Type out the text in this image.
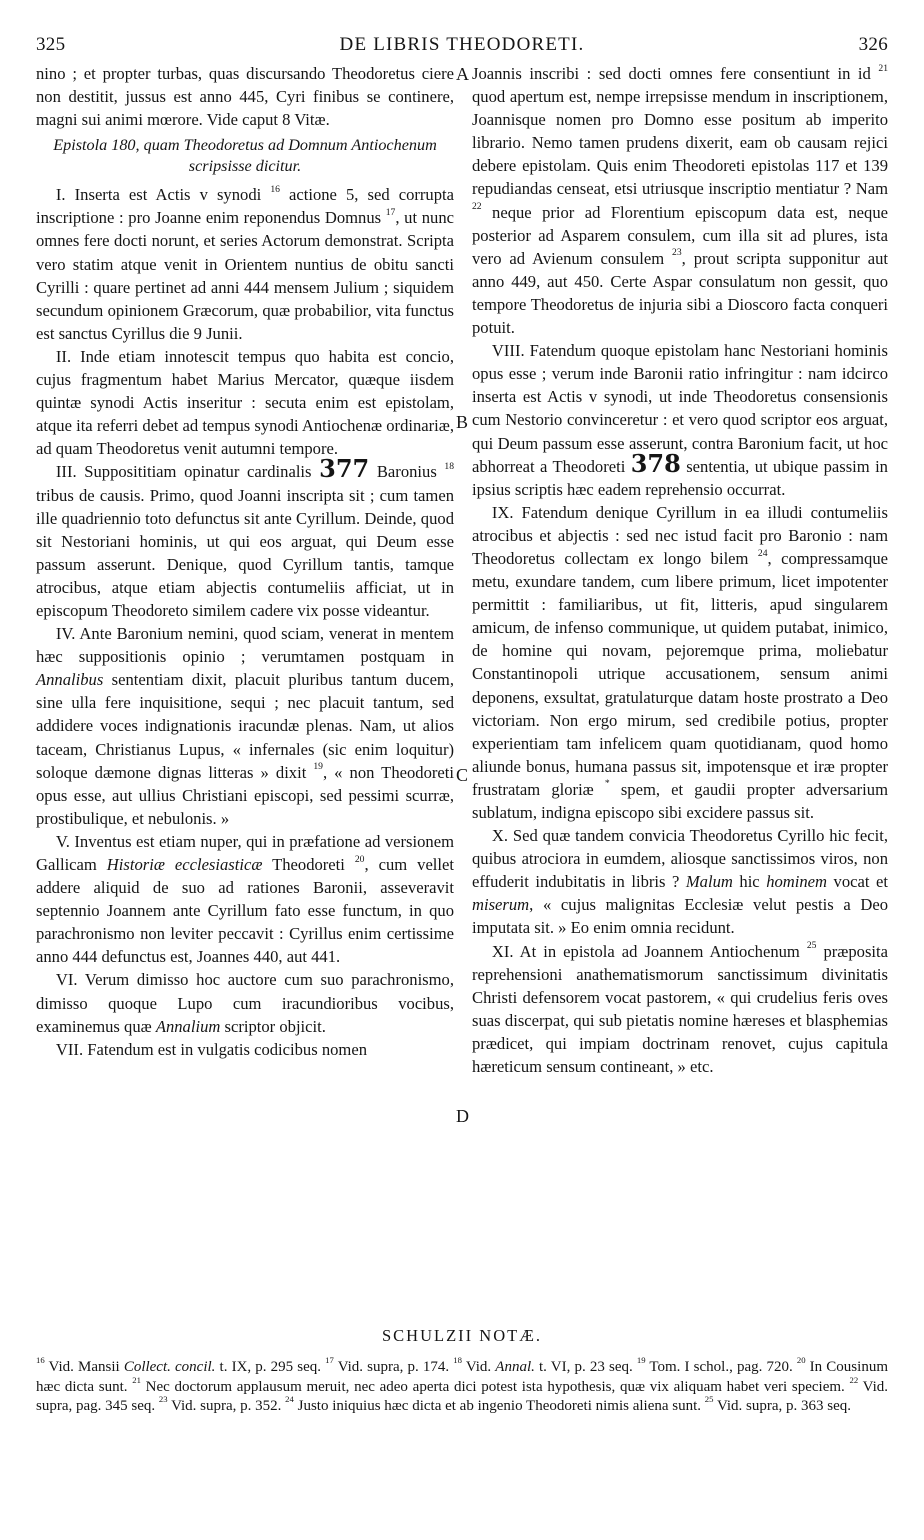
325	DE LIBRIS THEODORETI.	326
A
B
C
D

nino ; et propter turbas, quas discursando Theodoretus ciere non destitit, jussus est anno 445, Cyri finibus se continere, magni sui animi mœrore. Vide caput 8 Vitæ.

Epistola 180, quam Theodoretus ad Domnum Antiochenum scripsisse dicitur.

I. Inserta est Actis v synodi $^{16}$ actione 5, sed corrupta inscriptione : pro Joanne enim reponendus Domnus $^{17}$, ut nunc omnes fere docti norunt, et series Actorum demonstrat. Scripta vero statim atque venit in Orientem nuntius de obitu sancti Cyrilli : quare pertinet ad anni 444 mensem Julium ; siquidem secundum opinionem Græcorum, quæ probabilior, vita functus est sanctus Cyrillus die 9 Junii.

II. Inde etiam innotescit tempus quo habita est concio, cujus fragmentum habet Marius Mercator, quæque iisdem quintæ synodi Actis inseritur : secuta enim est epistolam, atque ita referri debet ad tempus synodi Antiochenæ ordinariæ, ad quam Theodoretus venit autumni tempore.

III. Supposititiam opinatur cardinalis 377 Baronius $^{18}$ tribus de causis. Primo, quod Joanni inscripta sit ; cum tamen ille quadriennio toto defunctus sit ante Cyrillum. Deinde, quod sit Nestoriani hominis, ut qui eos arguat, qui Deum esse passum asserunt. Denique, quod Cyrillum tantis, tamque atrocibus, atque etiam abjectis contumeliis afficiat, ut in episcopum Theodoreto similem cadere vix posse videantur.

IV. Ante Baronium nemini, quod sciam, venerat in mentem hæc suppositionis opinio ; verumtamen postquam in Annalibus sententiam dixit, placuit pluribus tantum ducem, sine ulla fere inquisitione, sequi ; nec placuit tantum, sed addidere voces indignationis iracundæ plenas. Nam, ut alios taceam, Christianus Lupus, « infernales (sic enim loquitur) soloque dæmone dignas litteras » dixit $^{19}$, « non Theodoreti opus esse, aut ullius Christiani episcopi, sed pessimi scurræ, prostibulique, et nebulonis. »

V. Inventus est etiam nuper, qui in præfatione ad versionem Gallicam Historiæ ecclesiasticæ Theodoreti $^{20}$, cum vellet addere aliquid de suo ad rationes Baronii, asseveravit septennio Joannem ante Cyrillum fato esse functum, in quo parachronismo non leviter peccavit : Cyrillus enim certissime anno 444 defunctus est, Joannes 440, aut 441.

VI. Verum dimisso hoc auctore cum suo parachronismo, dimisso quoque Lupo cum iracundioribus vocibus, examinemus quæ Annalium scriptor objicit.

VII. Fatendum est in vulgatis codicibus nomen

Joannis inscribi : sed docti omnes fere consentiunt in id $^{21}$ quod apertum est, nempe irrepsisse mendum in inscriptionem, Joannisque nomen pro Domno esse positum ab imperito librario. Nemo tamen prudens dixerit, eam ob causam rejici debere epistolam. Quis enim Theodoreti epistolas 117 et 139 repudiandas censeat, etsi utriusque inscriptio mentiatur ? Nam $^{22}$ neque prior ad Florentium episcopum data est, neque posterior ad Asparem consulem, cum illa sit ad plures, ista vero ad Avienum consulem $^{23}$, prout scripta supponitur aut anno 449, aut 450. Certe Aspar consulatum non gessit, quo tempore Theodoretus de injuria sibi a Dioscoro facta conqueri potuit.

VIII. Fatendum quoque epistolam hanc Nestoriani hominis opus esse ; verum inde Baronii ratio infringitur : nam idcirco inserta est Actis v synodi, ut inde Theodoretus consensionis cum Nestorio convinceretur : et vero quod scriptor eos arguat, qui Deum passum esse asserunt, contra Baronium facit, ut hoc abhorreat a Theodoreti 378 sententia, ut ubique passim in ipsius scriptis hæc eadem reprehensio occurrat.

IX. Fatendum denique Cyrillum in ea illudi contumeliis atrocibus et abjectis : sed nec istud facit pro Baronio : nam Theodoretus collectam ex longo bilem $^{24}$, compressamque metu, exundare tandem, cum libere primum, licet impotenter permittit : familiaribus, ut fit, litteris, apud singularem amicum, de infenso communique, ut quidem putabat, inimico, de homine qui novam, pejoremque prima, moliebatur Constantinopoli utrique accusationem, sensum animi deponens, exsultat, gratulaturque datam hoste prostrato a Deo victoriam. Non ergo mirum, sed credibile potius, propter experientiam tam infelicem quam quotidianam, quod homo aliunde bonus, humana passus sit, impotensque et iræ propter frustratam gloriæ * spem, et gaudii propter adversarium sublatum, indigna episcopo sibi excidere passus sit.

X. Sed quæ tandem convicia Theodoretus Cyrillo hic fecit, quibus atrociora in eumdem, aliosque sanctissimos viros, non effuderit indubitatis in libris ? Malum hic hominem vocat et miserum, « cujus malignitas Ecclesiæ velut pestis a Deo imputata sit. » Eo enim omnia recidunt.

XI. At in epistola ad Joannem Antiochenum $^{25}$ præposita reprehensioni anathematismorum sanctissimum divinitatis Christi defensorem vocat pastorem, « qui crudelius feris oves suas discerpat, qui sub pietatis nomine hæreses et blasphemias prædicet, qui impiam doctrinam renovet, cujus capitula hæreticum sensum contineant, » etc.

SCHULZII NOTÆ.
$^{16}$ Vid. Mansii Collect. concil. t. IX, p. 295 seq. $^{17}$ Vid. supra, p. 174. $^{18}$ Vid. Annal. t. VI, p. 23 seq. $^{19}$ Tom. I schol., pag. 720. $^{20}$ In Cousinum hæc dicta sunt. $^{21}$ Nec doctorum applausum meruit, nec adeo aperta dici potest ista hypothesis, quæ vix aliquam habet veri speciem. $^{22}$ Vid. supra, pag. 345 seq. $^{23}$ Vid. supra, p. 352. $^{24}$ Justo iniquius hæc dicta et ab ingenio Theodoreti nimis aliena sunt. $^{25}$ Vid. supra, p. 363 seq.
